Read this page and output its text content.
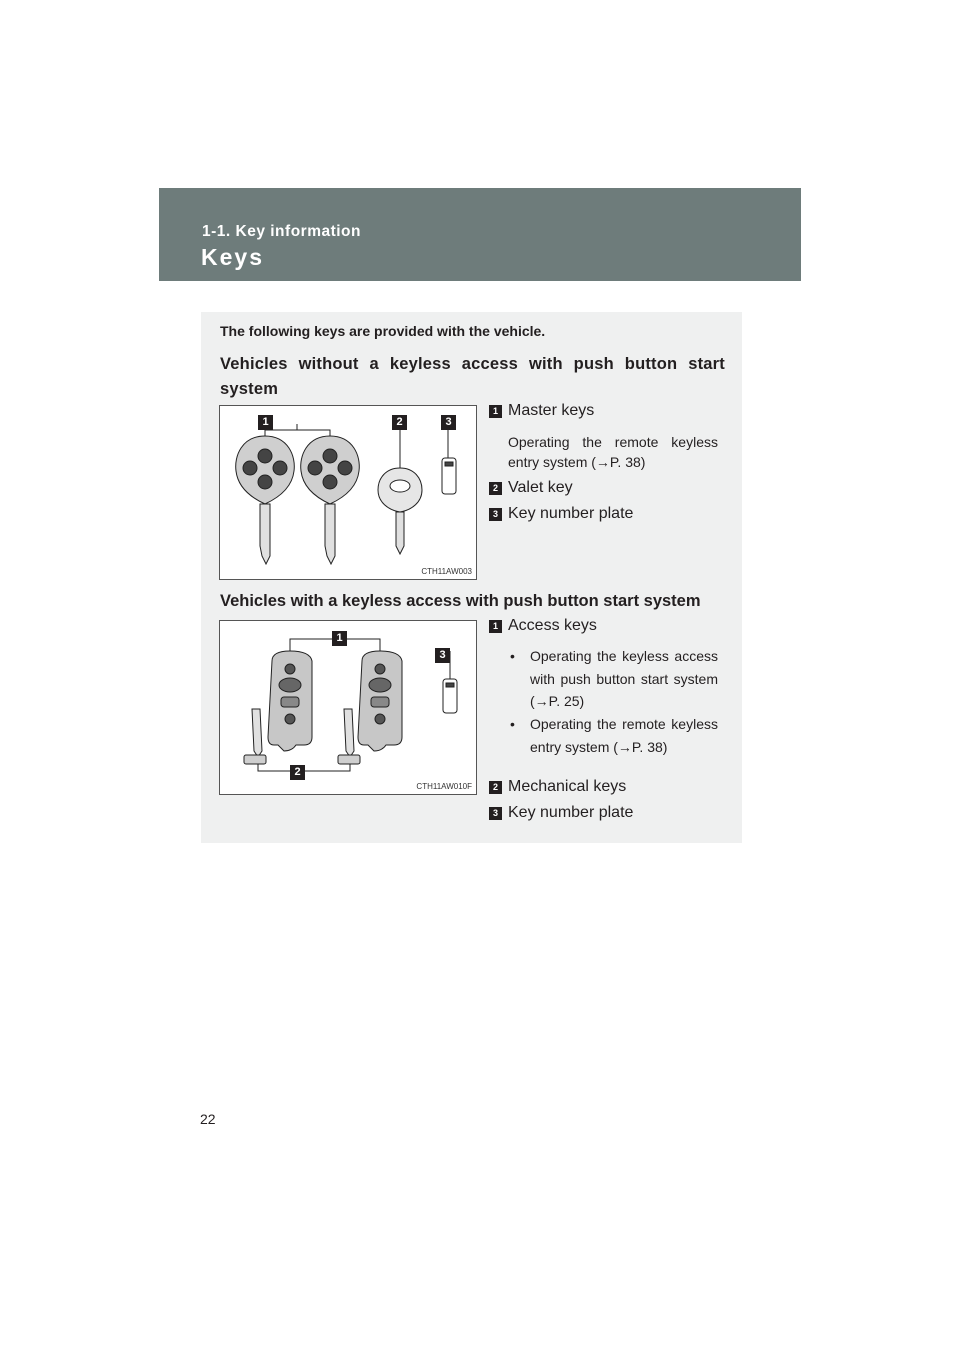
1-1. Key information
Keys
The following keys are provided with the vehicle.
Vehicles without a keyless access with push button start system
1	2	3
CTH11AW003
1 Master keys
Operating the remote keyless entry system (→P. 38)
2 Valet key
3 Key number plate
Vehicles with a keyless access with push button start system
1
3
2
CTH11AW010F
1 Access keys
• Operating the keyless access with push button start system (→P. 25)
• Operating the remote keyless entry system (→P. 38)
2 Mechanical keys
3 Key number plate
22
